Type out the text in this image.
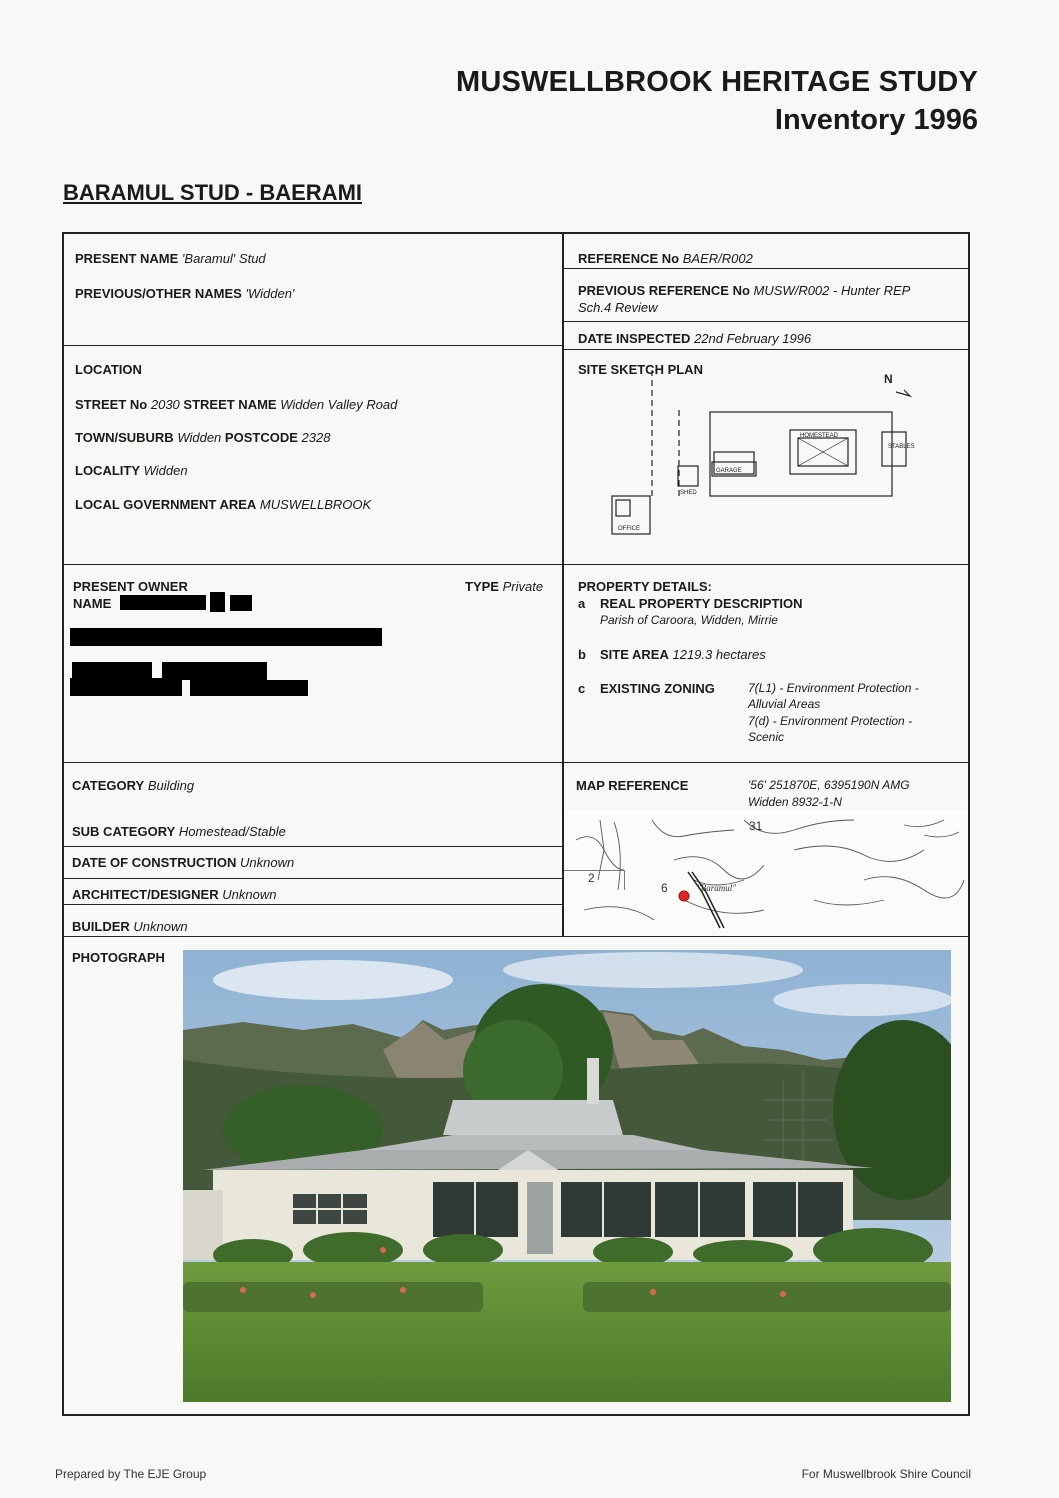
MUSWELLBROOK HERITAGE STUDY
Inventory 1996
BARAMUL STUD - BAERAMI
PRESENT NAME 'Baramul' Stud
PREVIOUS/OTHER NAMES 'Widden'
REFERENCE No BAER/R002
PREVIOUS REFERENCE No MUSW/R002 - Hunter REP
Sch.4 Review
DATE INSPECTED 22nd February 1996
LOCATION
STREET No 2030 STREET NAME Widden Valley Road
TOWN/SUBURB Widden POSTCODE 2328
LOCALITY Widden
LOCAL GOVERNMENT AREA MUSWELLBROOK
SITE SKETCH PLAN
N
HOMESTEAD
STABLES
GARAGE
SHED
OFFICE
PRESENT OWNER	TYPE Private
NAME
PROPERTY DETAILS:
a REAL PROPERTY DESCRIPTION
Parish of Caroora, Widden, Mirrie
b SITE AREA 1219.3 hectares
c EXISTING ZONING	7(L1) - Environment Protection -
Alluvial Areas
7(d) - Environment Protection -
Scenic
CATEGORY Building
SUB CATEGORY Homestead/Stable
DATE OF CONSTRUCTION Unknown
ARCHITECT/DESIGNER Unknown
BUILDER Unknown
MAP REFERENCE	'56' 251870E, 6395190N AMG
Widden 8932-1-N
31
2
6	"Baramul"
PHOTOGRAPH
Prepared by The EJE Group	For Muswellbrook Shire Council
